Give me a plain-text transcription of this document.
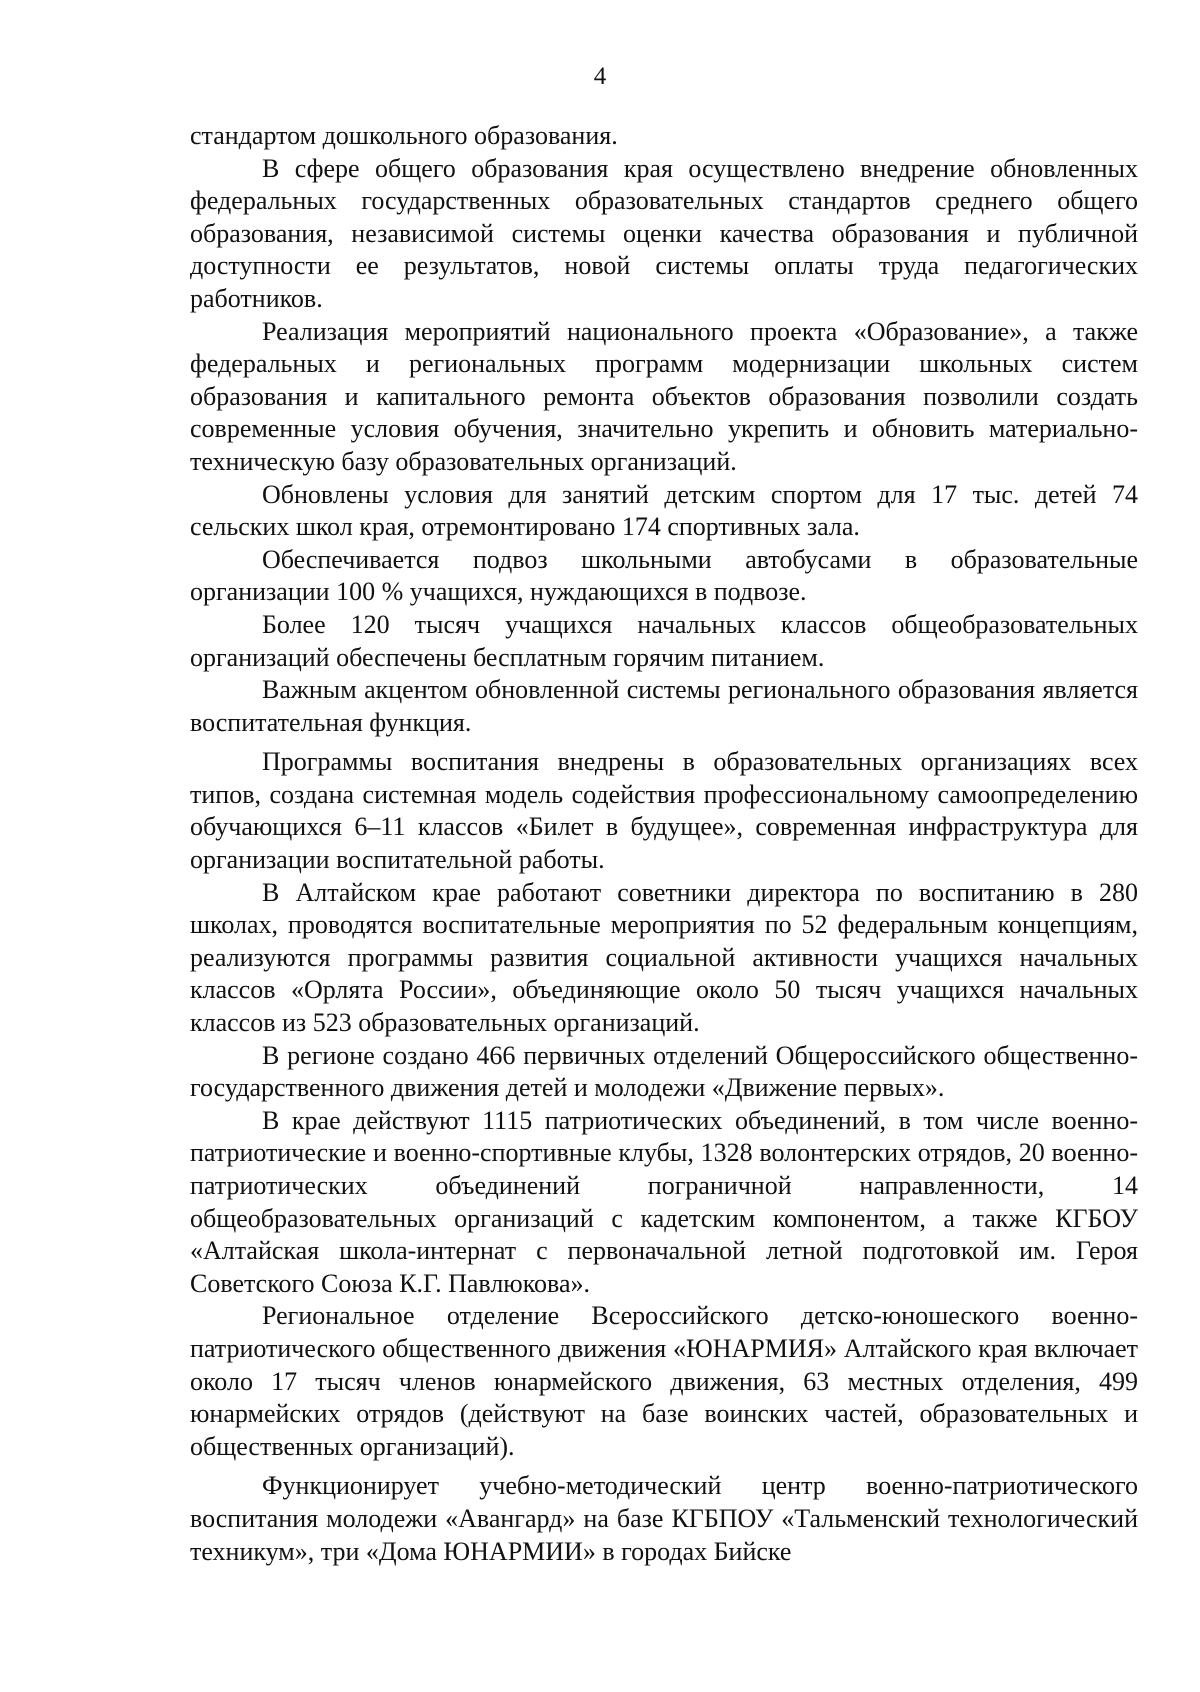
4

стандартом дошкольного образования.

В сфере общего образования края осуществлено внедрение обновленных федеральных государственных образовательных стандартов среднего общего образования, независимой системы оценки качества образования и публичной доступности ее результатов, новой системы оплаты труда педагогических работников.

Реализация мероприятий национального проекта «Образование», а также федеральных и региональных программ модернизации школьных систем образования и капитального ремонта объектов образования позволили создать современные условия обучения, значительно укрепить и обновить материально-техническую базу образовательных организаций.

Обновлены условия для занятий детским спортом для 17 тыс. детей 74 сельских школ края, отремонтировано 174 спортивных зала.

Обеспечивается подвоз школьными автобусами в образовательные организации 100 % учащихся, нуждающихся в подвозе.

Более 120 тысяч учащихся начальных классов общеобразовательных организаций обеспечены бесплатным горячим питанием.

Важным акцентом обновленной системы регионального образования является воспитательная функция.

Программы воспитания внедрены в образовательных организациях всех типов, создана системная модель содействия профессиональному самоопределению обучающихся 6–11 классов «Билет в будущее», современная инфраструктура для организации воспитательной работы.

В Алтайском крае работают советники директора по воспитанию в 280 школах, проводятся воспитательные мероприятия по 52 федеральным концепциям, реализуются программы развития социальной активности учащихся начальных классов «Орлята России», объединяющие около 50 тысяч учащихся начальных классов из 523 образовательных организаций.

В регионе создано 466 первичных отделений Общероссийского общественно-государственного движения детей и молодежи «Движение первых».

В крае действуют 1115 патриотических объединений, в том числе военно-патриотические и военно-спортивные клубы, 1328 волонтерских отрядов, 20 военно-патриотических объединений пограничной направленности, 14 общеобразовательных организаций с кадетским компонентом, а также КГБОУ «Алтайская школа-интернат с первоначальной летной подготовкой им. Героя Советского Союза К.Г. Павлюкова».

Региональное отделение Всероссийского детско-юношеского военно-патриотического общественного движения «ЮНАРМИЯ» Алтайского края включает около 17 тысяч членов юнармейского движения, 63 местных отделения, 499 юнармейских отрядов (действуют на базе воинских частей, образовательных и общественных организаций).

Функционирует учебно-методический центр военно-патриотического воспитания молодежи «Авангард» на базе КГБПОУ «Тальменский технологический техникум», три «Дома ЮНАРМИИ» в городах Бийске
